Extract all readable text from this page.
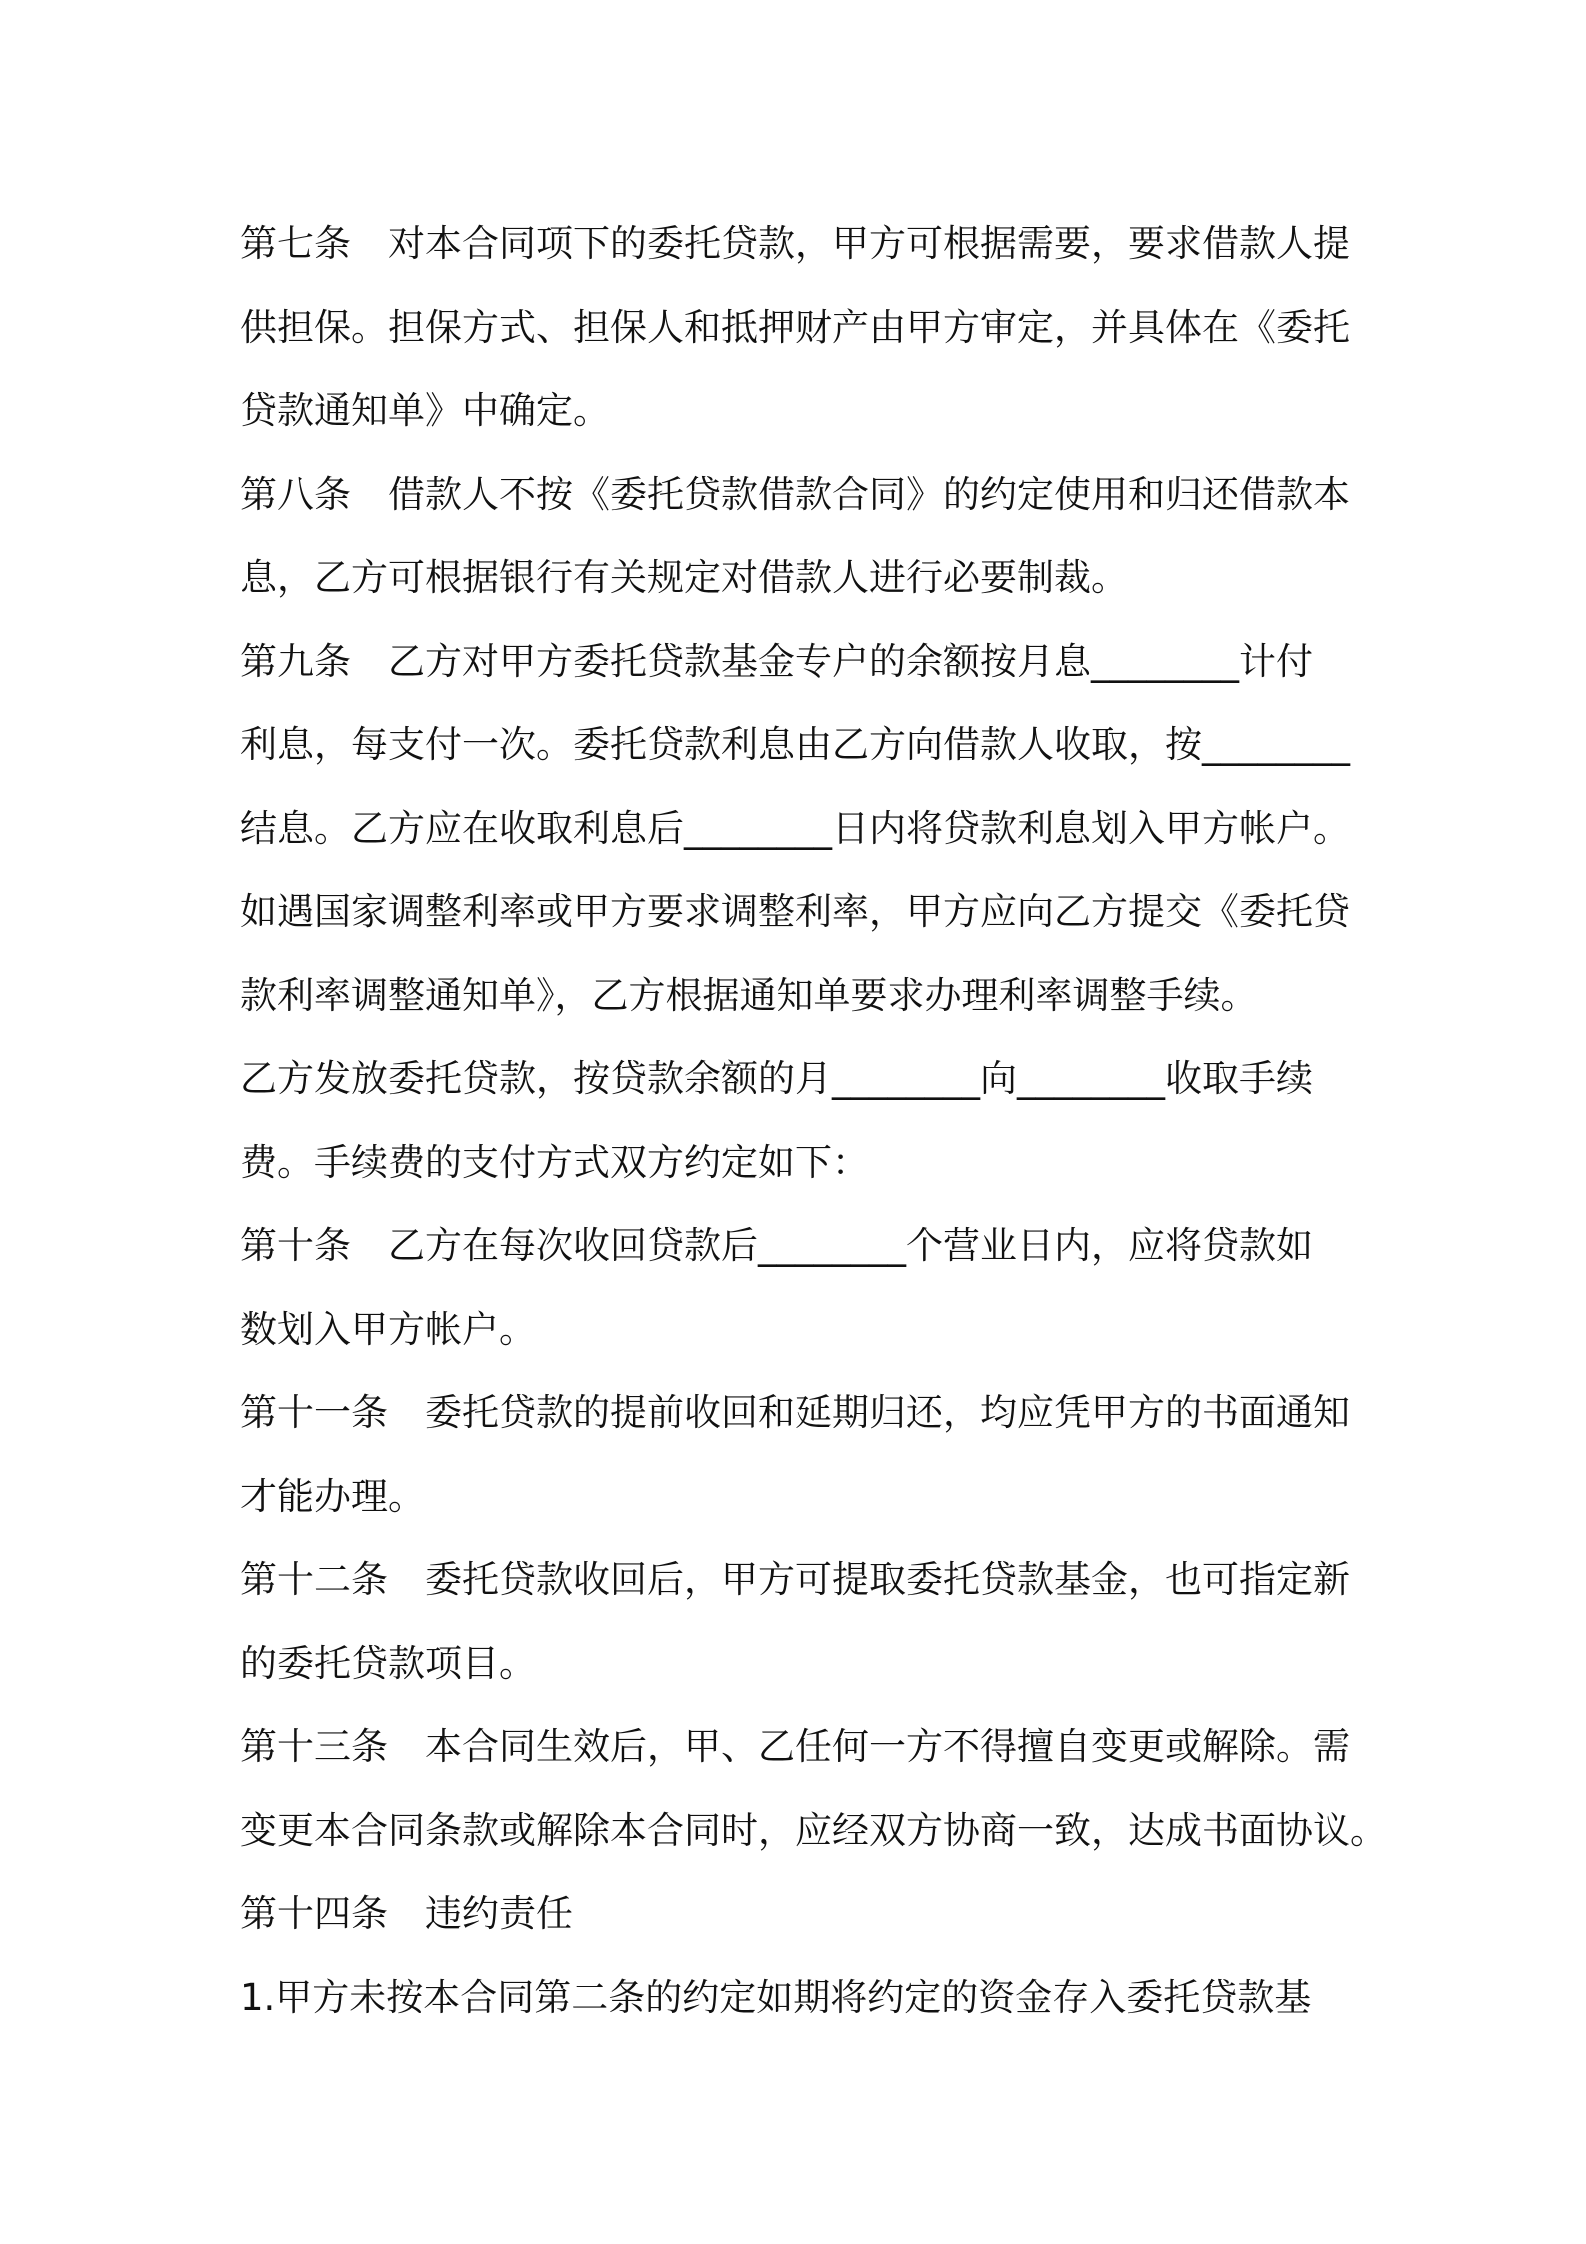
第七条　对本合同项下的委托贷款，甲方可根据需要，要求借款人提
供担保。担保方式、担保人和抵押财产由甲方审定，并具体在《委托
贷款通知单》中确定。
第八条　借款人不按《委托贷款借款合同》的约定使用和归还借款本
息，乙方可根据银行有关规定对借款人进行必要制裁。
第九条　乙方对甲方委托贷款基金专户的余额按月息________计付
利息，每支付一次。委托贷款利息由乙方向借款人收取，按________
结息。乙方应在收取利息后________日内将贷款利息划入甲方帐户。
如遇国家调整利率或甲方要求调整利率，甲方应向乙方提交《委托贷
款利率调整通知单》，乙方根据通知单要求办理利率调整手续。
乙方发放委托贷款，按贷款余额的月________向________收取手续
费。手续费的支付方式双方约定如下：
第十条　乙方在每次收回贷款后________个营业日内，应将贷款如
数划入甲方帐户。
第十一条　委托贷款的提前收回和延期归还，均应凭甲方的书面通知
才能办理。
第十二条　委托贷款收回后，甲方可提取委托贷款基金，也可指定新
的委托贷款项目。
第十三条　本合同生效后，甲、乙任何一方不得擅自变更或解除。需
变更本合同条款或解除本合同时，应经双方协商一致，达成书面协议。
第十四条　违约责任
1.甲方未按本合同第二条的约定如期将约定的资金存入委托贷款基
